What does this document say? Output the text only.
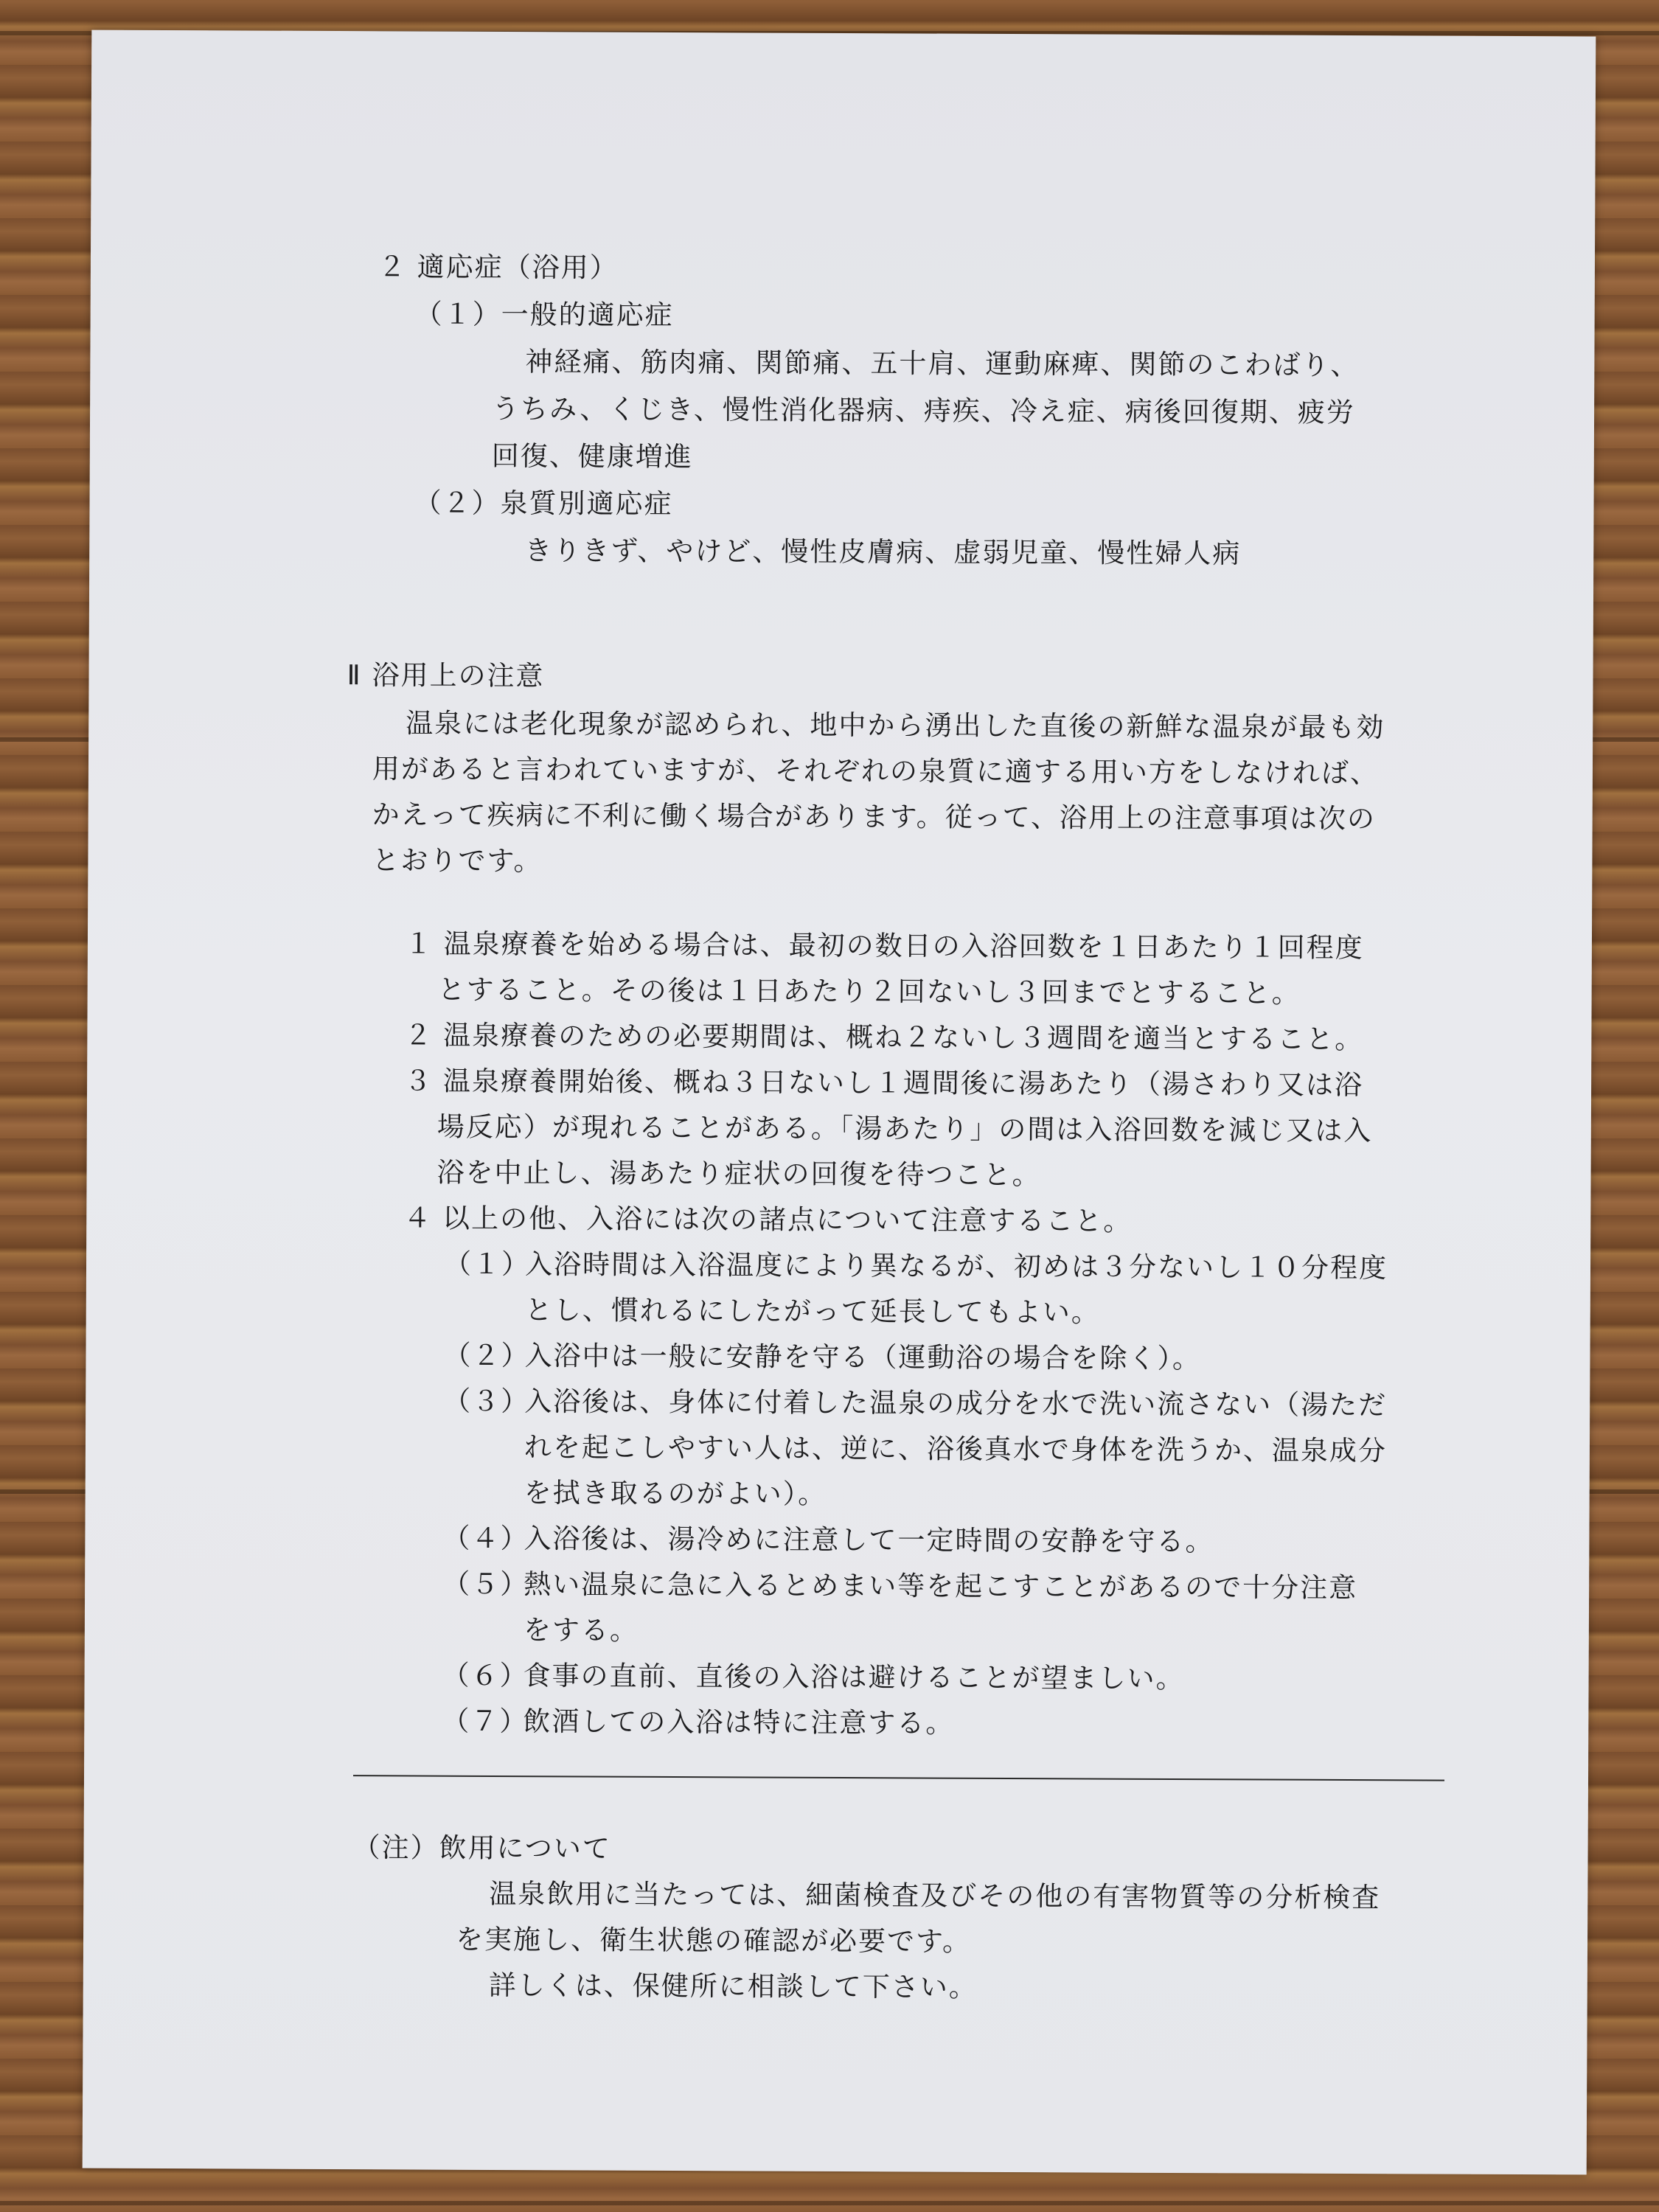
２ 適応症（浴用）

（１）一般的適応症

神経痛、筋肉痛、関節痛、五十肩、運動麻痺、関節のこわばり、

うちみ、くじき、慢性消化器病、痔疾、冷え症、病後回復期、疲労

回復、健康増進

（２）泉質別適応症

きりきず、やけど、慢性皮膚病、虚弱児童、慢性婦人病

Ⅱ 浴用上の注意

温泉には老化現象が認められ、地中から湧出した直後の新鮮な温泉が最も効

用があると言われていますが、それぞれの泉質に適する用い方をしなければ、

かえって疾病に不利に働く場合があります。従って、浴用上の注意事項は次の

とおりです。

１ 温泉療養を始める場合は、最初の数日の入浴回数を１日あたり１回程度

とすること。その後は１日あたり２回ないし３回までとすること。

２ 温泉療養のための必要期間は、概ね２ないし３週間を適当とすること。

３ 温泉療養開始後、概ね３日ないし１週間後に湯あたり（湯さわり又は浴

場反応）が現れることがある。「湯あたり」の間は入浴回数を減じ又は入

浴を中止し、湯あたり症状の回復を待つこと。

４ 以上の他、入浴には次の諸点について注意すること。

（１）

入浴時間は入浴温度により異なるが、初めは３分ないし１０分程度

とし、慣れるにしたがって延長してもよい。

（２）

入浴中は一般に安静を守る（運動浴の場合を除く）。

（３）

入浴後は、身体に付着した温泉の成分を水で洗い流さない（湯ただ

れを起こしやすい人は、逆に、浴後真水で身体を洗うか、温泉成分

を拭き取るのがよい）。

（４）

入浴後は、湯冷めに注意して一定時間の安静を守る。

（５）

熱い温泉に急に入るとめまい等を起こすことがあるので十分注意

をする。

（６）

食事の直前、直後の入浴は避けることが望ましい。

（７）

飲酒しての入浴は特に注意する。

（注）飲用について

温泉飲用に当たっては、細菌検査及びその他の有害物質等の分析検査

を実施し、衛生状態の確認が必要です。

詳しくは、保健所に相談して下さい。
